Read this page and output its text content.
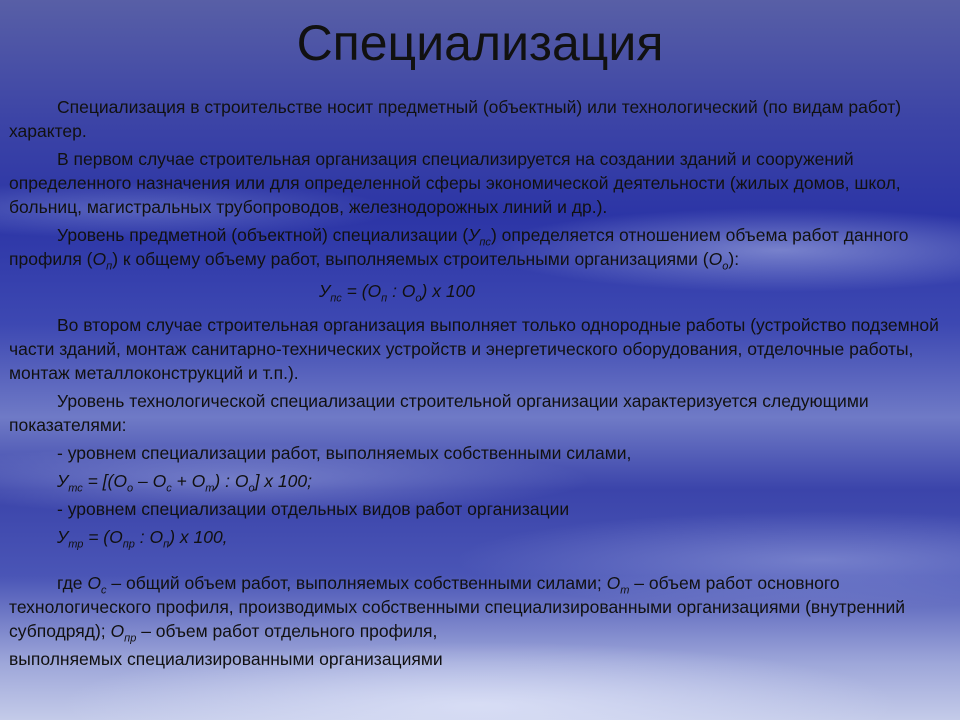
Специализация

Специализация в строительстве носит предметный (объектный) или технологический (по видам работ) характер.

В первом случае строительная организация специализируется на создании зданий и сооружений определенного назначения или для определенной сферы экономической деятельности (жилых домов, школ, больниц, магистральных трубопроводов, железнодорожных линий и др.).

Уровень предметной (объектной) специализации $(У_{пс})$ определяется отношением объема работ данного профиля $(О_п)$ к общему объему работ, выполняемых строительными организациями $(О_о)$:

$У_{пс} = (О_п$ : $О_о$) х 100

Во втором случае строительная организация выполняет только однородные работы (устройство подземной части зданий, монтаж санитарно-технических устройств и энергетического оборудования, отделочные работы, монтаж металлоконструкций и т.п.).

Уровень технологической специализации строительной организации характеризуется следующими показателями:

- уровнем специализации работ, выполняемых собственными силами,

$У_{тс} = [(О_о - О_с + О_т)$ : $О_о$] х 100;

- уровнем специализации отдельных видов работ организации

$У_{тр} = (О_{пр}$ : $О_п$) х 100,

где $О_с$ – общий объем работ, выполняемых собственными силами; $О_т$ – объем работ основного технологического профиля, производимых собственными специализированными организациями (внутренний субподряд); $О_{пр}$ – объем работ отдельного профиля,

выполняемых специализированными организациями
